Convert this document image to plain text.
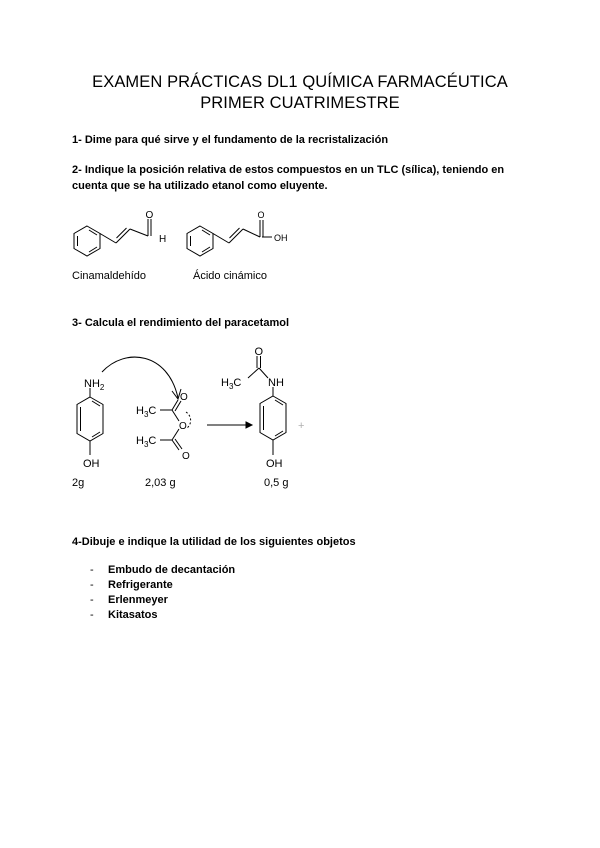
EXAMEN PRÁCTICAS DL1 QUÍMICA FARMACÉUTICA
PRIMER CUATRIMESTRE
1- Dime para qué sirve y el fundamento de la recristalización
2- Indique la posición relativa de estos compuestos en un TLC (sílica), teniendo en cuenta que se ha utilizado etanol como eluyente.
O
H
O
OH
Cinamaldehído	Ácido cinámico
3- Calcula el rendimiento del paracetamol
$NH_2$
OH
$H_3C$
O
O
$H_3C$
O
O
$H_3C$ NH
OH
+
2g	2,03 g	0,5 g
4-Dibuje e indique la utilidad de los siguientes objetos
- Embudo de decantación
- Refrigerante
- Erlenmeyer
- Kitasatos
